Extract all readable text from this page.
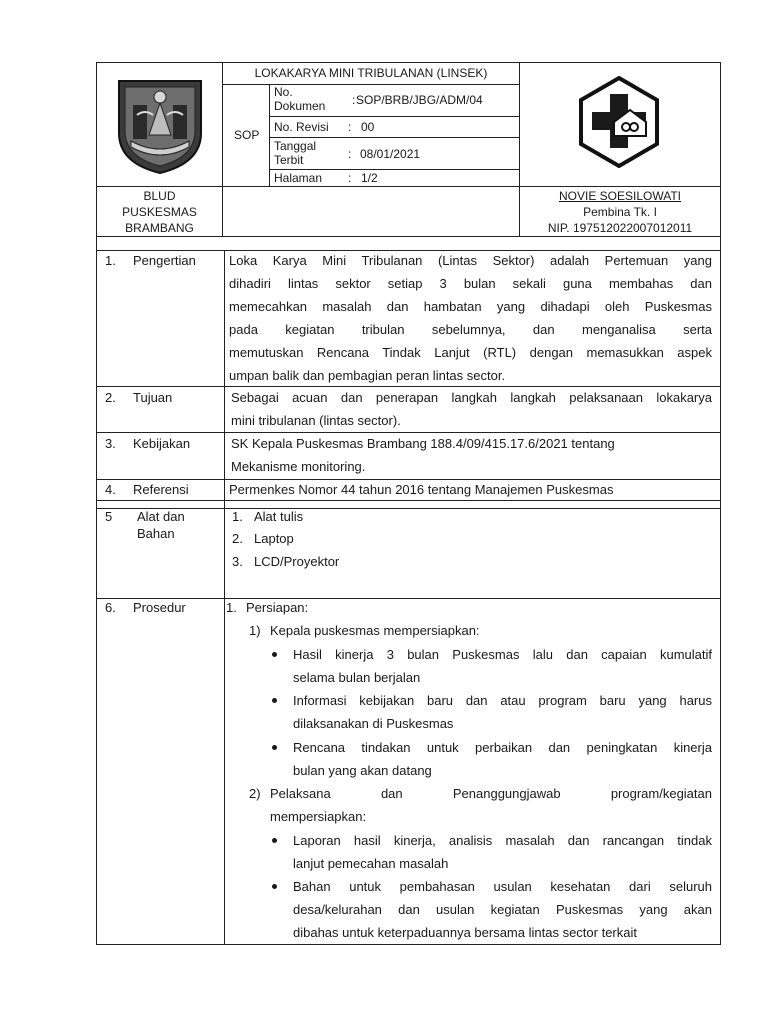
LOKAKARYA MINI TRIBULANAN (LINSEK)
SOP
No.
Dokumen : SOP/BRB/JBG/ADM/04
No. Revisi : 00
Tanggal
Terbit	: 08/01/2021
Halaman : 1/2
BLUD
PUSKESMAS
BRAMBANG
NOVIE SOESILOWATI
Pembina Tk. I
NIP. 197512022007012011
1. Pengertian	Loka Karya Mini Tribulanan (Lintas Sektor) adalah Pertemuan yang
dihadiri lintas sektor setiap 3 bulan sekali guna membahas dan
memecahkan masalah dan hambatan yang dihadapi oleh Puskesmas
pada kegiatan tribulan sebelumnya, dan menganalisa serta
memutuskan Rencana Tindak Lanjut (RTL) dengan memasukkan aspek
umpan balik dan pembagian peran lintas sector.
2. Tujuan	Sebagai acuan dan penerapan langkah langkah pelaksanaan lokakarya
mini tribulanan (lintas sector).
3. Kebijakan	SK Kepala Puskesmas Brambang 188.4/09/415.17.6/2021 tentang
Mekanisme monitoring.
4. Referensi	Permenkes Nomor 44 tahun 2016 tentang Manajemen Puskesmas
5 Alat dan
Bahan
1. Alat tulis
2. Laptop
3. LCD/Proyektor
6. Prosedur	1. Persiapan:
1) Kepala puskesmas mempersiapkan:
Hasil kinerja 3 bulan Puskesmas lalu dan capaian kumulatif
selama bulan berjalan
Informasi kebijakan baru dan atau program baru yang harus
dilaksanakan di Puskesmas
Rencana tindakan untuk perbaikan dan peningkatan kinerja
bulan yang akan datang
2) Pelaksana dan Penanggungjawab program/kegiatan
mempersiapkan:
Laporan hasil kinerja, analisis masalah dan rancangan tindak
lanjut pemecahan masalah
Bahan untuk pembahasan usulan kesehatan dari seluruh
desa/kelurahan dan usulan kegiatan Puskesmas yang akan
dibahas untuk keterpaduannya bersama lintas sector terkait
